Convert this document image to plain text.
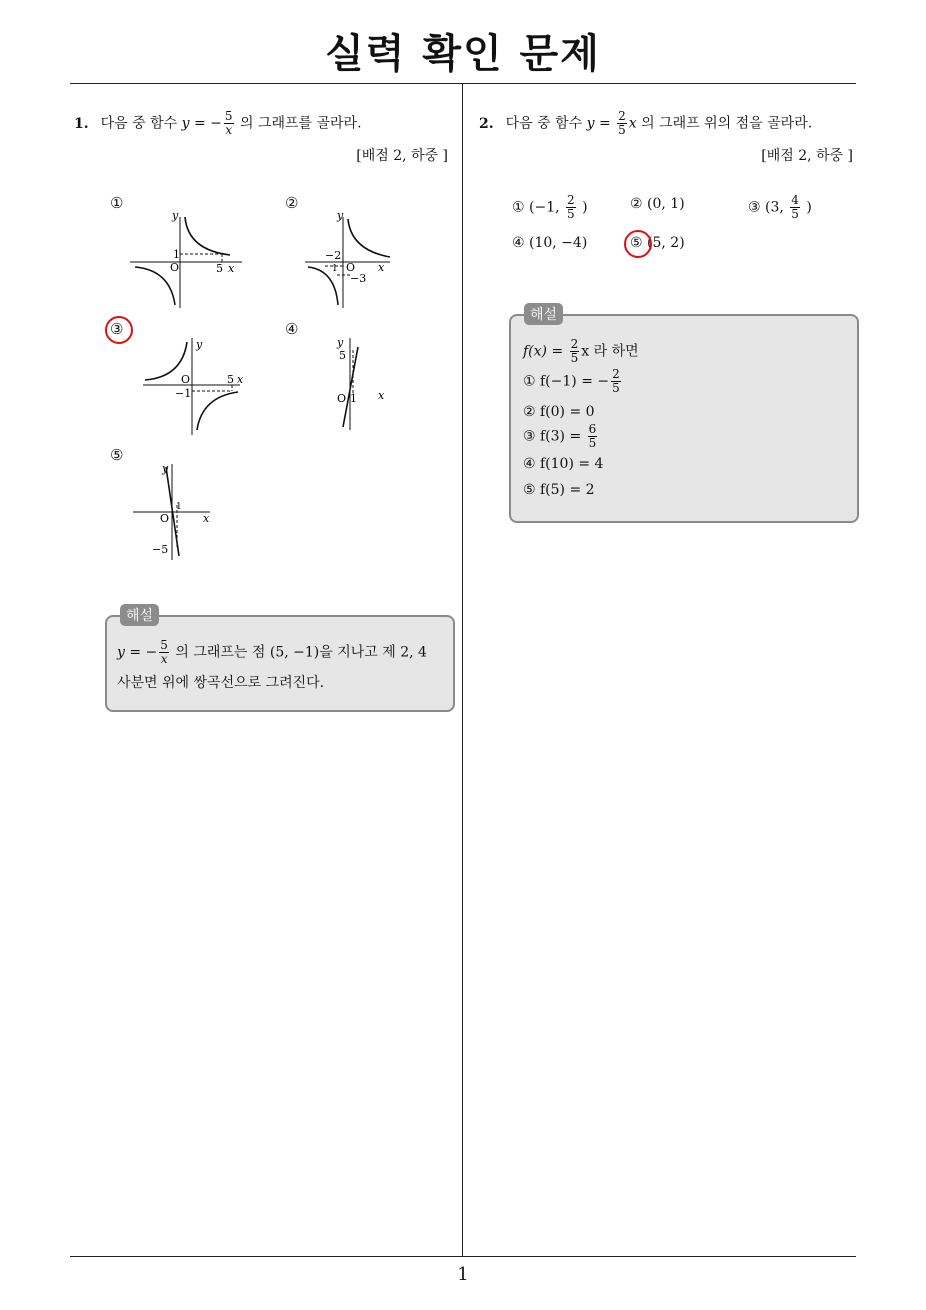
실력 확인 문제
1
1. 다음 중 함수 y = − $\frac{5}{x}$ 의 그래프를 골라라.
[배점 2, 하중 ]
①	②
③	④
⑤
y
x
O
1
5
y
x
O
−2
−3
1
y
x
O
−1
5
y
x
O
5
1
y
x
O
−5
1
y = − $\frac{5}{x}$ 의 그래프는 점 (5, −1)을 지나고 제 2, 4
사분면 위에 쌍곡선으로 그려진다.
해설
2. 다음 중 함수 $y = \frac{2}{5}$ x 의 그래프 위의 점을 골라라.
[배점 2, 하중 ]
① (−1, $\frac{2}{5}$ )	② (0, 1)	③ (3, $\frac{4}{5}$ )
④ (10, −4)	⑤ (5, 2)
$f(x) = \frac{2}{5}$ x 라 하면
① f(−1) = − $\frac{2}{5}$
② f(0) = 0
③ $f(3) = \frac{6}{5}$
④ f(10) = 4
⑤ f(5) = 2
해설
